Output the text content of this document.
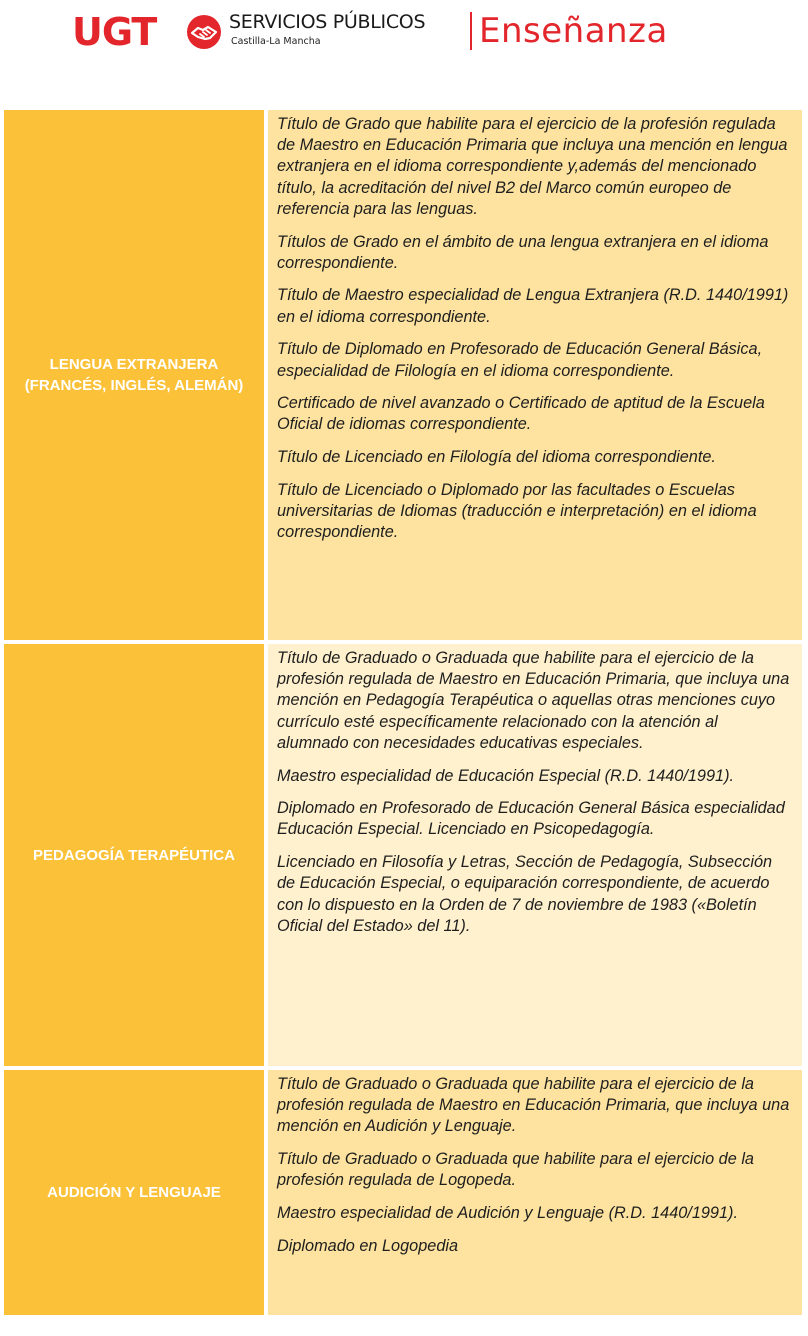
UGT	SERVICIOS PÚBLICOS
Castilla-La Mancha	Enseñanza
LENGUA EXTRANJERA (FRANCÉS, INGLÉS, ALEMÁN)

Título de Grado que habilite para el ejercicio de la profesión regulada de Maestro en Educación Primaria que incluya una mención en lengua extranjera en el idioma correspondiente y,además del mencionado título, la acreditación del nivel B2 del Marco común europeo de referencia para las lenguas.

Títulos de Grado en el ámbito de una lengua extranjera en el idioma correspondiente.

Título de Maestro especialidad de Lengua Extranjera (R.D. 1440/1991) en el idioma correspondiente.

Título de Diplomado en Profesorado de Educación General Básica, especialidad de Filología en el idioma correspondiente.

Certificado de nivel avanzado o Certificado de aptitud de la Escuela Oficial de idiomas correspondiente.

Título de Licenciado en Filología del idioma correspondiente.

Título de Licenciado o Diplomado por las facultades o Escuelas universitarias de Idiomas (traducción e interpretación) en el idioma correspondiente.

PEDAGOGÍA TERAPÉUTICA

Título de Graduado o Graduada que habilite para el ejercicio de la profesión regulada de Maestro en Educación Primaria, que incluya una mención en Pedagogía Terapéutica o aquellas otras menciones cuyo currículo esté específicamente relacionado con la atención al alumnado con necesidades educativas especiales.

Maestro especialidad de Educación Especial (R.D. 1440/1991).

Diplomado en Profesorado de Educación General Básica especialidad Educación Especial. Licenciado en Psicopedagogía.

Licenciado en Filosofía y Letras, Sección de Pedagogía, Subsección de Educación Especial, o equiparación correspondiente, de acuerdo con lo dispuesto en la Orden de 7 de noviembre de 1983 («Boletín Oficial del Estado» del 11).

AUDICIÓN Y LENGUAJE

Título de Graduado o Graduada que habilite para el ejercicio de la profesión regulada de Maestro en Educación Primaria, que incluya una mención en Audición y Lenguaje.

Título de Graduado o Graduada que habilite para el ejercicio de la profesión regulada de Logopeda.

Maestro especialidad de Audición y Lenguaje (R.D. 1440/1991).

Diplomado en Logopedia
